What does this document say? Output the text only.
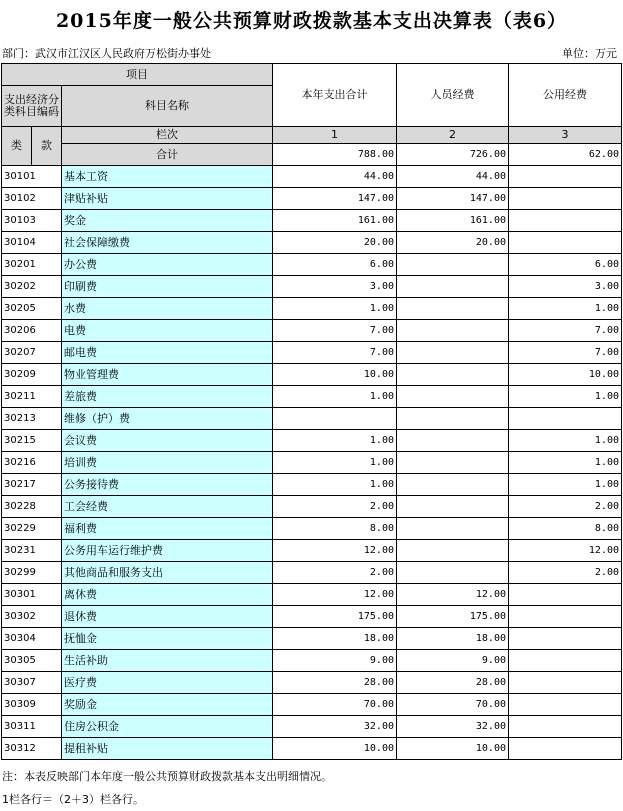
2015年度一般公共预算财政拨款基本支出决算表（表6）
部门：武汉市江汉区人民政府万松街办事处	单位：万元
项目			本年支出合计	人员经费	公用经费
支出经济分类科目编码		科目名称			

类	款	栏次	1	2	3
		合计	788.00	726.00	62.00
30101		基本工资	44.00	44.00	
30102		津贴补贴	147.00	147.00	
30103		奖金	161.00	161.00	
30104		社会保障缴费	20.00	20.00	
30201		办公费	6.00		6.00
30202		印刷费	3.00		3.00
30205		水费	1.00		1.00
30206		电费	7.00		7.00
30207		邮电费	7.00		7.00
30209		物业管理费	10.00		10.00
30211		差旅费	1.00		1.00
30213		维修（护）费			
30215		会议费	1.00		1.00
30216		培训费	1.00		1.00
30217		公务接待费	1.00		1.00
30228		工会经费	2.00		2.00
30229		福利费	8.00		8.00
30231		公务用车运行维护费	12.00		12.00
30299		其他商品和服务支出	2.00		2.00
30301		离休费	12.00	12.00	
30302		退休费	175.00	175.00	
30304		抚恤金	18.00	18.00	
30305		生活补助	9.00	9.00	
30307		医疗费	28.00	28.00	
30309		奖励金	70.00	70.00	
30311		住房公积金	32.00	32.00	
30312		提租补贴	10.00	10.00	
注：本表反映部门本年度一般公共预算财政拨款基本支出明细情况。
1栏各行＝（2＋3）栏各行。
